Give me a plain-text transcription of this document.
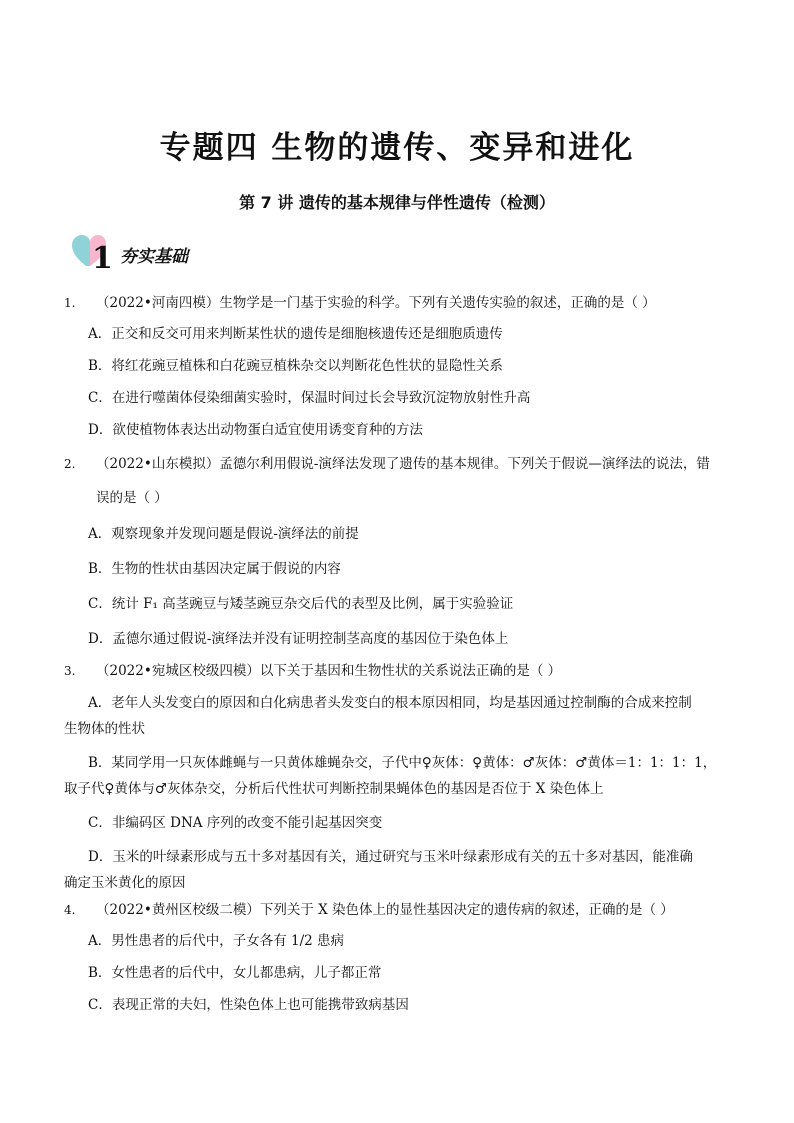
专题四 生物的遗传、变异和进化
第 7 讲 遗传的基本规律与伴性遗传（检测）
1 夯实基础

1.	（2022•河南四模）生物学是一门基于实验的科学。下列有关遗传实验的叙述，正确的是（ ）

A．正交和反交可用来判断某性状的遗传是细胞核遗传还是细胞质遗传

B．将红花豌豆植株和白花豌豆植株杂交以判断花色性状的显隐性关系

C．在进行噬菌体侵染细菌实验时，保温时间过长会导致沉淀物放射性升高

D．欲使植物体表达出动物蛋白适宜使用诱变育种的方法

2.	（2022•山东模拟）孟德尔利用假说-演绎法发现了遗传的基本规律。下列关于假说—演绎法的说法，错

误的是（ ）

A．观察现象并发现问题是假说-演绎法的前提

B．生物的性状由基因决定属于假说的内容

C．统计 F₁ 高茎豌豆与矮茎豌豆杂交后代的表型及比例，属于实验验证

D．孟德尔通过假说-演绎法并没有证明控制茎高度的基因位于染色体上

3.	（2022•宛城区校级四模）以下关于基因和生物性状的关系说法正确的是（ ）

A．老年人头发变白的原因和白化病患者头发变白的根本原因相同，均是基因通过控制酶的合成来控制

生物体的性状

B．某同学用一只灰体雌蝇与一只黄体雄蝇杂交，子代中♀灰体：♀黄体：♂灰体：♂黄体＝1：1：1：1，

取子代♀黄体与♂灰体杂交，分析后代性状可判断控制果蝇体色的基因是否位于 X 染色体上

C．非编码区 DNA 序列的改变不能引起基因突变

D．玉米的叶绿素形成与五十多对基因有关，通过研究与玉米叶绿素形成有关的五十多对基因，能准确

确定玉米黄化的原因

4.	（2022•黄州区校级二模）下列关于 X 染色体上的显性基因决定的遗传病的叙述，正确的是（ ）

A．男性患者的后代中，子女各有 1/2 患病

B．女性患者的后代中，女儿都患病，儿子都正常

C．表现正常的夫妇，性染色体上也可能携带致病基因
